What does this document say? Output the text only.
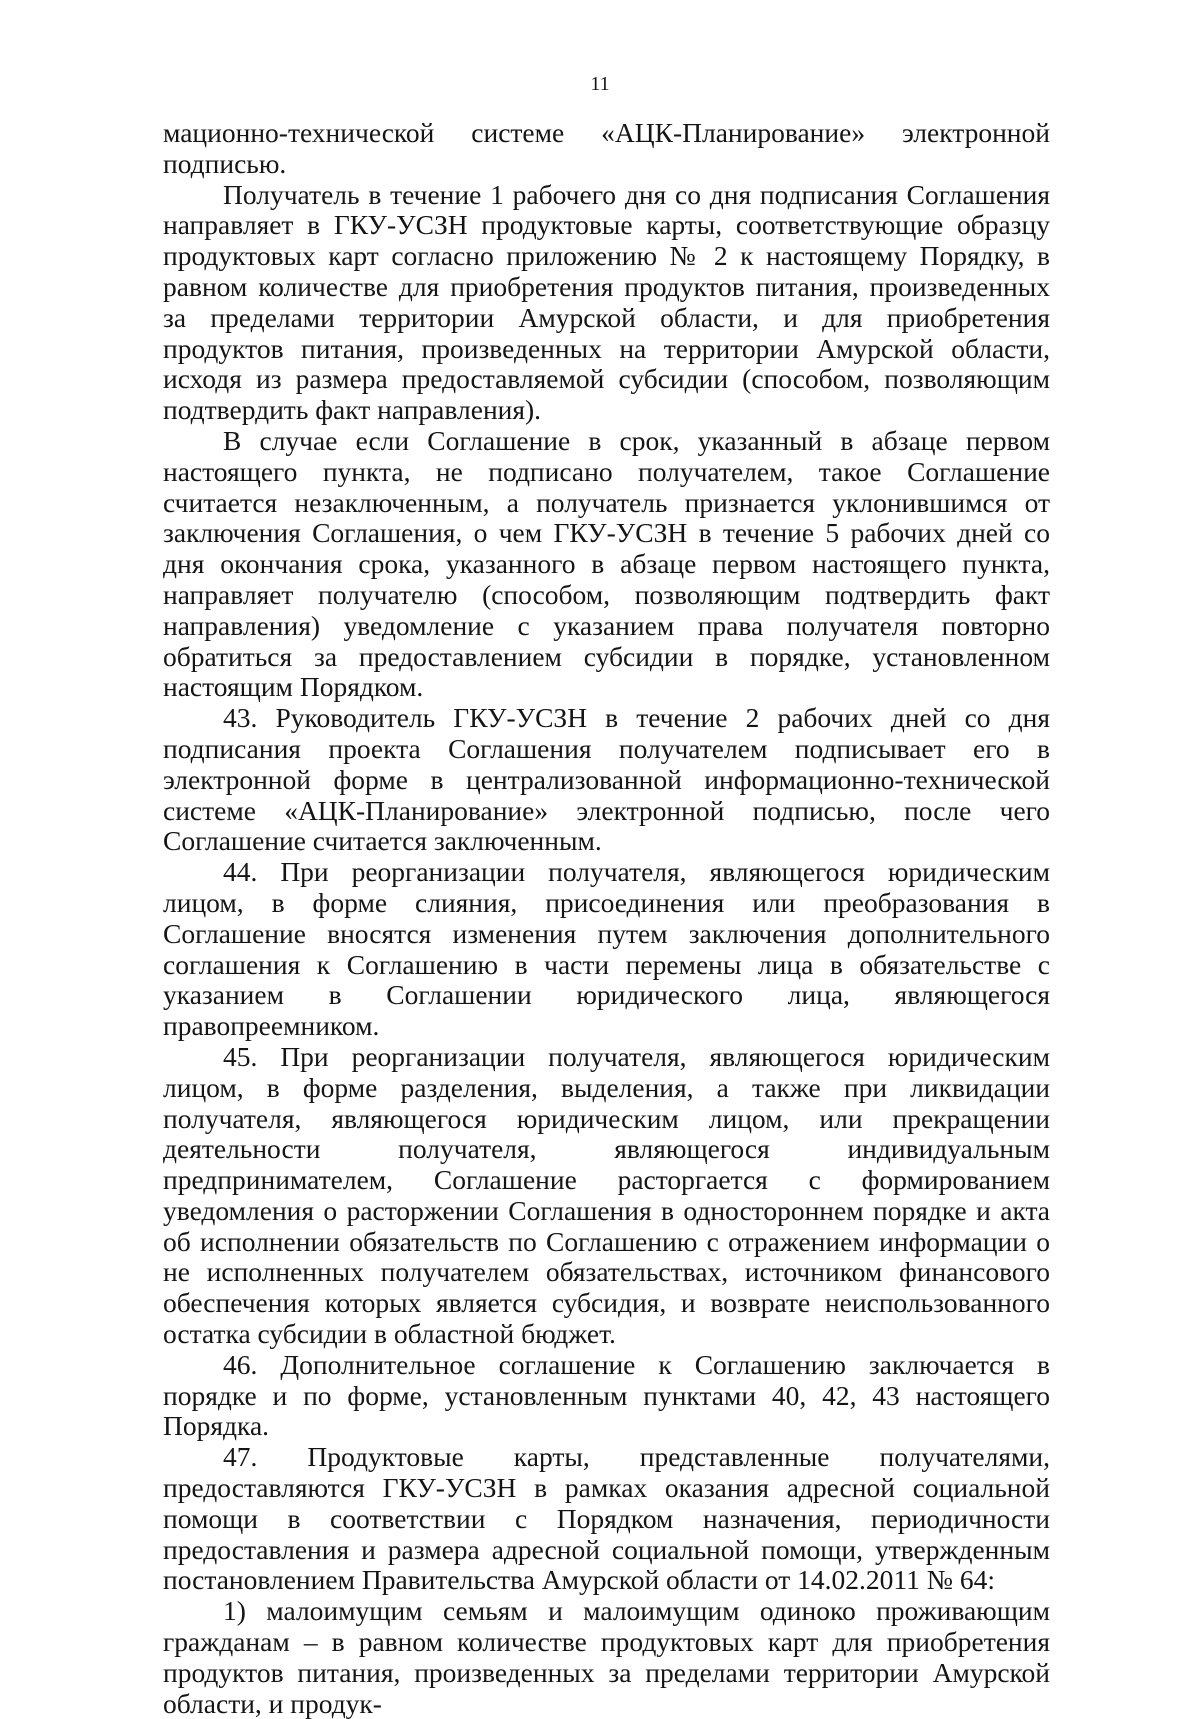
11

мационно-технической системе «АЦК-Планирование» электронной подписью.

Получатель в течение 1 рабочего дня со дня подписания Соглашения направляет в ГКУ-УСЗН продуктовые карты, соответствующие образцу продуктовых карт согласно приложению № 2 к настоящему Порядку, в равном количестве для приобретения продуктов питания, произведенных за пределами территории Амурской области, и для приобретения продуктов питания, произведенных на территории Амурской области, исходя из размера предоставляемой субсидии (способом, позволяющим подтвердить факт направления).

В случае если Соглашение в срок, указанный в абзаце первом настоящего пункта, не подписано получателем, такое Соглашение считается незаключенным, а получатель признается уклонившимся от заключения Соглашения, о чем ГКУ-УСЗН в течение 5 рабочих дней со дня окончания срока, указанного в абзаце первом настоящего пункта, направляет получателю (способом, позволяющим подтвердить факт направления) уведомление с указанием права получателя повторно обратиться за предоставлением субсидии в порядке, установленном настоящим Порядком.

43. Руководитель ГКУ-УСЗН в течение 2 рабочих дней со дня подписания проекта Соглашения получателем подписывает его в электронной форме в централизованной информационно-технической системе «АЦК-Планирование» электронной подписью, после чего Соглашение считается заключенным.

44. При реорганизации получателя, являющегося юридическим лицом, в форме слияния, присоединения или преобразования в Соглашение вносятся изменения путем заключения дополнительного соглашения к Соглашению в части перемены лица в обязательстве с указанием в Соглашении юридического лица, являющегося правопреемником.

45. При реорганизации получателя, являющегося юридическим лицом, в форме разделения, выделения, а также при ликвидации получателя, являющегося юридическим лицом, или прекращении деятельности получателя, являющегося индивидуальным предпринимателем, Соглашение расторгается с формированием уведомления о расторжении Соглашения в одностороннем порядке и акта об исполнении обязательств по Соглашению с отражением информации о не исполненных получателем обязательствах, источником финансового обеспечения которых является субсидия, и возврате неиспользованного остатка субсидии в областной бюджет.

46. Дополнительное соглашение к Соглашению заключается в порядке и по форме, установленным пунктами 40, 42, 43 настоящего Порядка.

47. Продуктовые карты, представленные получателями, предоставляются ГКУ-УСЗН в рамках оказания адресной социальной помощи в соответствии с Порядком назначения, периодичности предоставления и размера адресной социальной помощи, утвержденным постановлением Правительства Амурской области от 14.02.2011 № 64:

1) малоимущим семьям и малоимущим одиноко проживающим гражданам – в равном количестве продуктовых карт для приобретения продуктов питания, произведенных за пределами территории Амурской области, и продук-
